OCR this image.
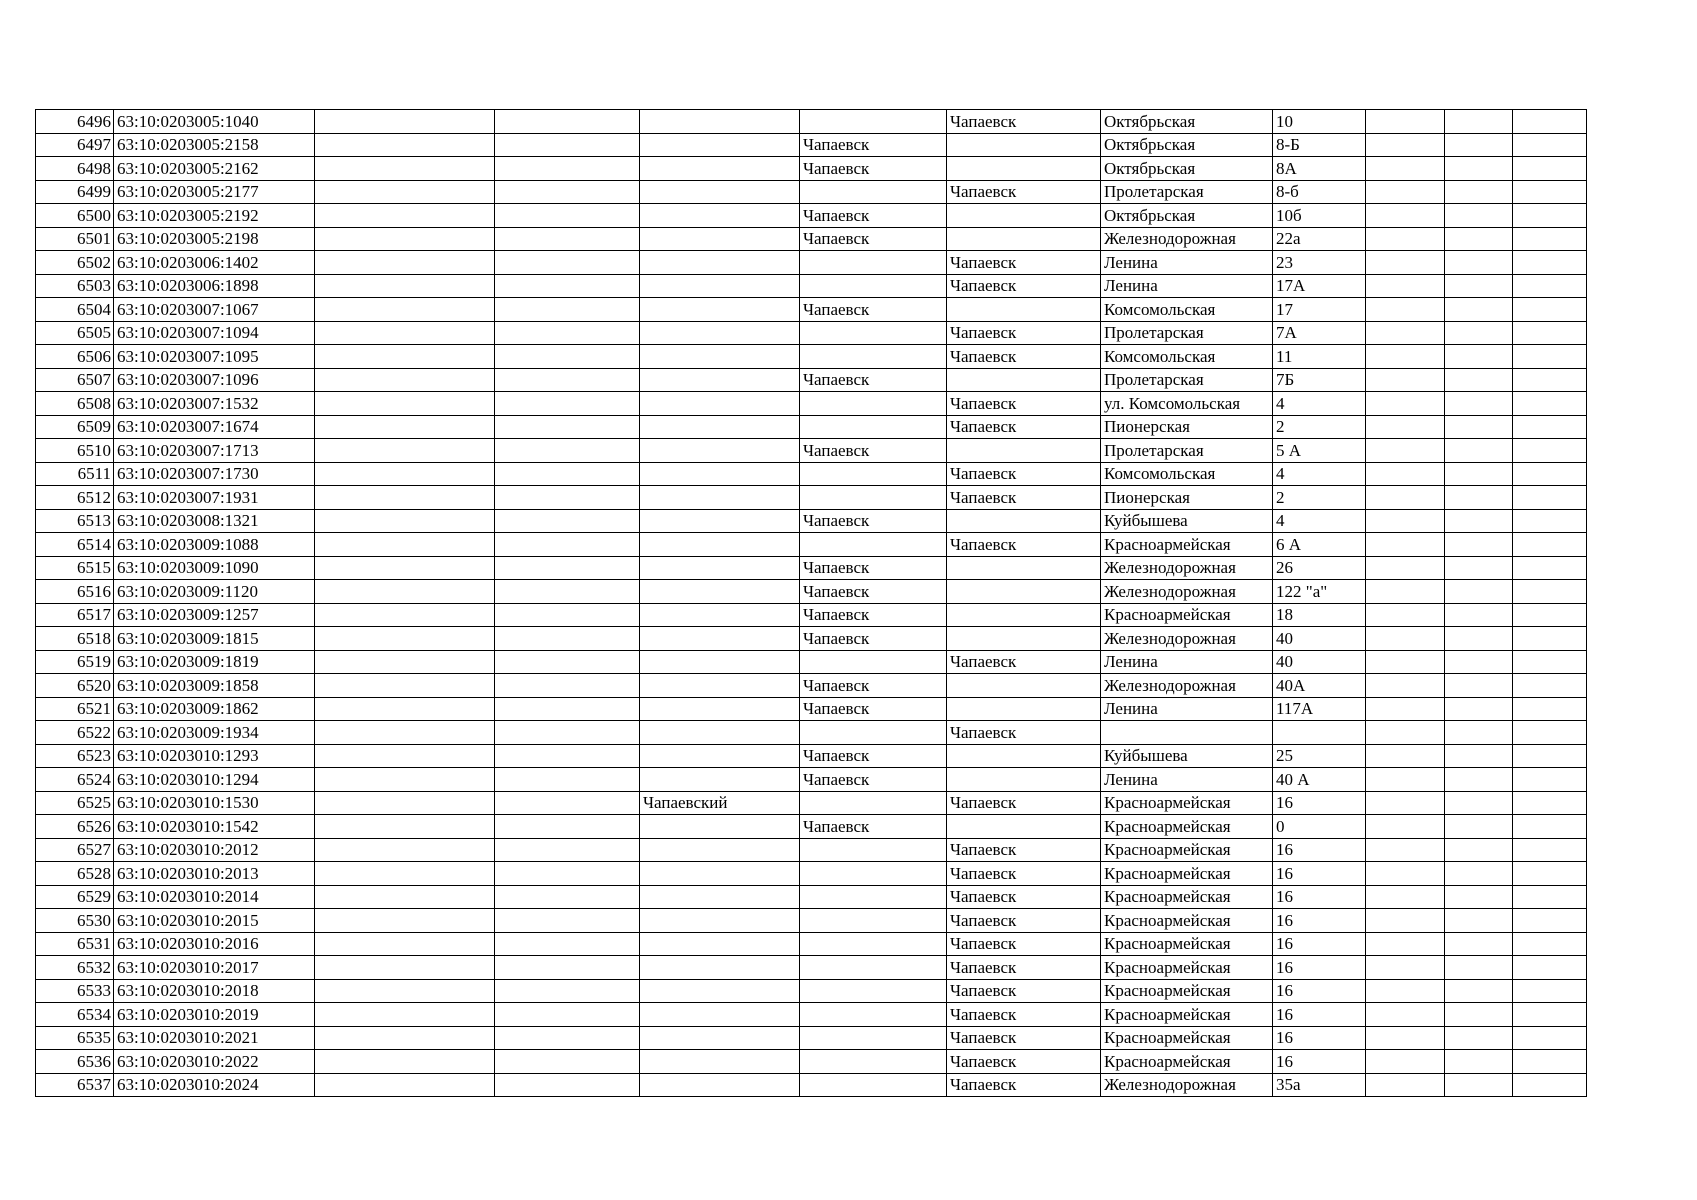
6496	63:10:0203005:1040					Чапаевск	Октябрьская	10			
6497	63:10:0203005:2158				Чапаевск		Октябрьская	8-Б			
6498	63:10:0203005:2162				Чапаевск		Октябрьская	8А			
6499	63:10:0203005:2177					Чапаевск	Пролетарская	8-б			
6500	63:10:0203005:2192				Чапаевск		Октябрьская	10б			
6501	63:10:0203005:2198				Чапаевск		Железнодорожная	22а			
6502	63:10:0203006:1402					Чапаевск	Ленина	23			
6503	63:10:0203006:1898					Чапаевск	Ленина	17А			
6504	63:10:0203007:1067				Чапаевск		Комсомольская	17			
6505	63:10:0203007:1094					Чапаевск	Пролетарская	7А			
6506	63:10:0203007:1095					Чапаевск	Комсомольская	11			
6507	63:10:0203007:1096				Чапаевск		Пролетарская	7Б			
6508	63:10:0203007:1532					Чапаевск	ул. Комсомольская	4			
6509	63:10:0203007:1674					Чапаевск	Пионерская	2			
6510	63:10:0203007:1713				Чапаевск		Пролетарская	5 А			
6511	63:10:0203007:1730					Чапаевск	Комсомольская	4			
6512	63:10:0203007:1931					Чапаевск	Пионерская	2			
6513	63:10:0203008:1321				Чапаевск		Куйбышева	4			
6514	63:10:0203009:1088					Чапаевск	Красноармейская	6 А			
6515	63:10:0203009:1090				Чапаевск		Железнодорожная	26			
6516	63:10:0203009:1120				Чапаевск		Железнодорожная	122 "а"			
6517	63:10:0203009:1257				Чапаевск		Красноармейская	18			
6518	63:10:0203009:1815				Чапаевск		Железнодорожная	40			
6519	63:10:0203009:1819					Чапаевск	Ленина	40			
6520	63:10:0203009:1858				Чапаевск		Железнодорожная	40А			
6521	63:10:0203009:1862				Чапаевск		Ленина	117А			
6522	63:10:0203009:1934					Чапаевск					
6523	63:10:0203010:1293				Чапаевск		Куйбышева	25			
6524	63:10:0203010:1294				Чапаевск		Ленина	40 А			
6525	63:10:0203010:1530			Чапаевский		Чапаевск	Красноармейская	16			
6526	63:10:0203010:1542				Чапаевск		Красноармейская	0			
6527	63:10:0203010:2012					Чапаевск	Красноармейская	16			
6528	63:10:0203010:2013					Чапаевск	Красноармейская	16			
6529	63:10:0203010:2014					Чапаевск	Красноармейская	16			
6530	63:10:0203010:2015					Чапаевск	Красноармейская	16			
6531	63:10:0203010:2016					Чапаевск	Красноармейская	16			
6532	63:10:0203010:2017					Чапаевск	Красноармейская	16			
6533	63:10:0203010:2018					Чапаевск	Красноармейская	16			
6534	63:10:0203010:2019					Чапаевск	Красноармейская	16			
6535	63:10:0203010:2021					Чапаевск	Красноармейская	16			
6536	63:10:0203010:2022					Чапаевск	Красноармейская	16			
6537	63:10:0203010:2024					Чапаевск	Железнодорожная	35а			
